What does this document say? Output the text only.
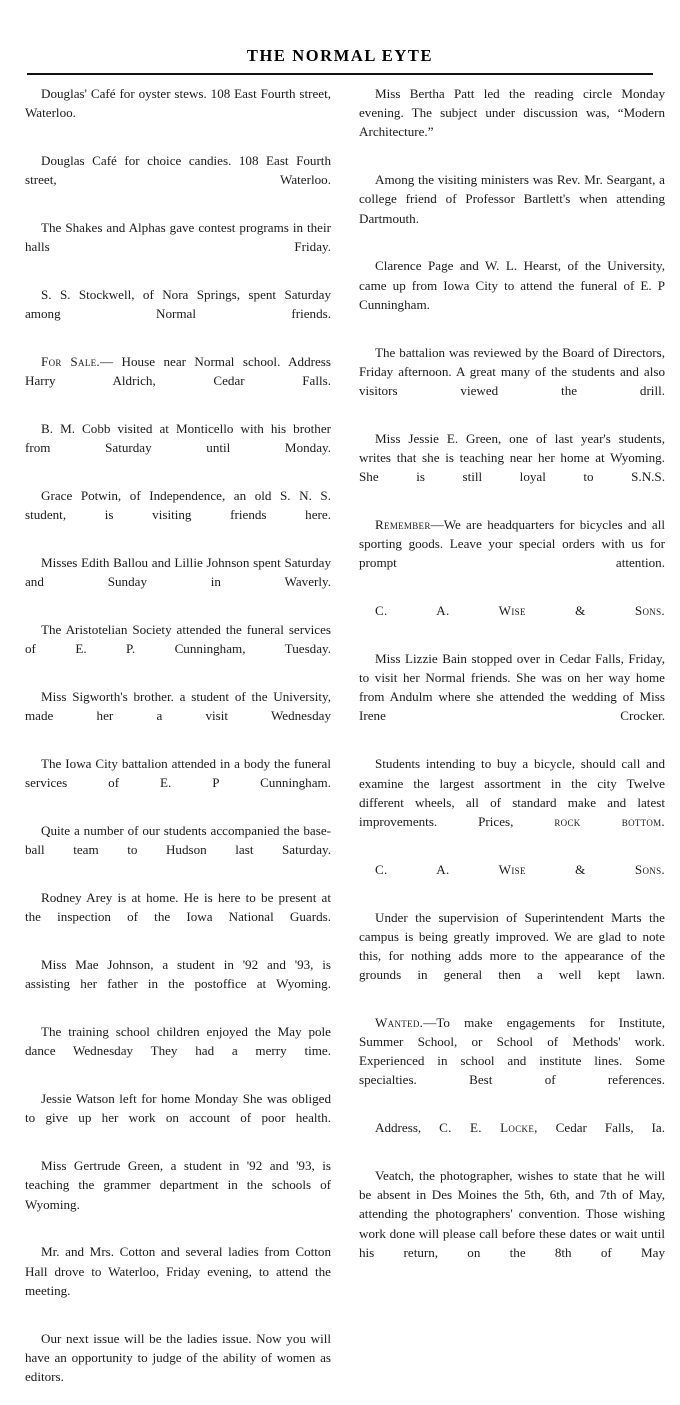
THE NORMAL EYTE

Douglas' Café for oyster stews. 108 East Fourth street, Waterloo.

Douglas Café for choice candies. 108 East Fourth street, Waterloo.

The Shakes and Alphas gave contest programs in their halls Friday.

S. S. Stockwell, of Nora Springs, spent Saturday among Normal friends.

For Sale.— House near Normal school. Address Harry Aldrich, Cedar Falls.

B. M. Cobb visited at Monticello with his brother from Saturday until Monday.

Grace Potwin, of Independence, an old S. N. S. student, is visiting friends here.

Misses Edith Ballou and Lillie Johnson spent Saturday and Sunday in Waverly.

The Aristotelian Society attended the funeral services of E. P. Cunningham, Tuesday.

Miss Sigworth's brother. a student of the University, made her a visit Wednesday

The Iowa City battalion attended in a body the funeral services of E. P Cunningham.

Quite a number of our students accompanied the base-ball team to Hudson last Saturday.

Rodney Arey is at home. He is here to be present at the inspection of the Iowa National Guards.

Miss Mae Johnson, a student in '92 and '93, is assisting her father in the postoffice at Wyoming.

The training school children enjoyed the May pole dance Wednesday They had a merry time.

Jessie Watson left for home Monday She was obliged to give up her work on account of poor health.

Miss Gertrude Green, a student in '92 and '93, is teaching the grammer department in the schools of Wyoming.

Mr. and Mrs. Cotton and several ladies from Cotton Hall drove to Waterloo, Friday evening, to attend the meeting.

Our next issue will be the ladies issue. Now you will have an opportunity to judge of the ability of women as editors.

Miss Bertha Patt led the reading circle Monday evening. The subject under discussion was, “Modern Architecture.”

Among the visiting ministers was Rev. Mr. Seargant, a college friend of Professor Bartlett's when attending Dartmouth.

Clarence Page and W. L. Hearst, of the University, came up from Iowa City to attend the funeral of E. P Cunningham.

The battalion was reviewed by the Board of Directors, Friday afternoon. A great many of the students and also visitors viewed the drill.

Miss Jessie E. Green, one of last year's students, writes that she is teaching near her home at Wyoming. She is still loyal to S.N.S.

Remember—We are headquarters for bicycles and all sporting goods. Leave your special orders with us for prompt attention.

C. A. Wise & Sons.

Miss Lizzie Bain stopped over in Cedar Falls, Friday, to visit her Normal friends. She was on her way home from Andulm where she attended the wedding of Miss Irene Crocker.

Students intending to buy a bicycle, should call and examine the largest assortment in the city Twelve different wheels, all of standard make and latest improvements. Prices,	rock bottom.

C. A. Wise & Sons.

Under the supervision of Superintendent Marts the campus is being greatly improved. We are glad to note this, for nothing adds more to the appearance of the grounds in general then a well kept lawn.

Wanted.—To make engagements for Institute, Summer School, or School of Methods' work. Experienced in school and institute lines. Some specialties. Best of references.

Address, C. E. Locke, Cedar Falls, Ia.

Veatch, the photographer, wishes to state that he will be absent in Des Moines the 5th, 6th, and 7th of May, attending the photographers' convention. Those wishing work done will please call before these dates or wait until his return, on the 8th of May
